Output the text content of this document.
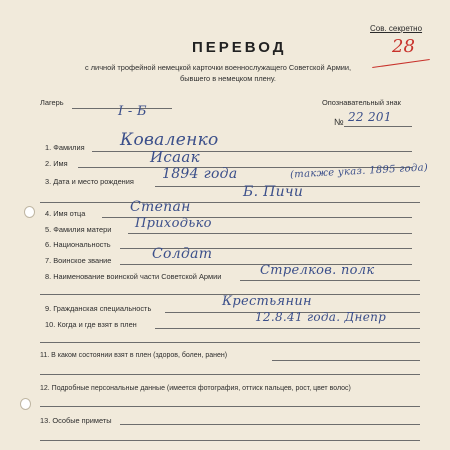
Сов. секретно
28
ПЕРЕВОД
с личной трофейной немецкой карточки военнослужащего Советской Армии,
бывшего в немецком плену.
Лагерь
I - Б
Опознавательный знак
№ 22 201
1. Фамилия Коваленко
2. Имя	Исаак
3. Дата и место рождения 1894 года	(также указ. 1895 года)
Б. Пичи
4. Имя отца	Степан
5. Фамилия матери Приходько
6. Национальность
7. Воинское звание	Солдат
8. Наименование воинской части Советской Армии	Стрелков. полк
9. Гражданская специальность	Крестьянин
10. Когда и где взят в плен
12.8.41 года. Днепр
11. В каком состоянии взят в плен (здоров, болен, ранен)
12. Подробные персональные данные (имеется фотография, оттиск пальцев, рост, цвет волос)
13. Особые приметы
